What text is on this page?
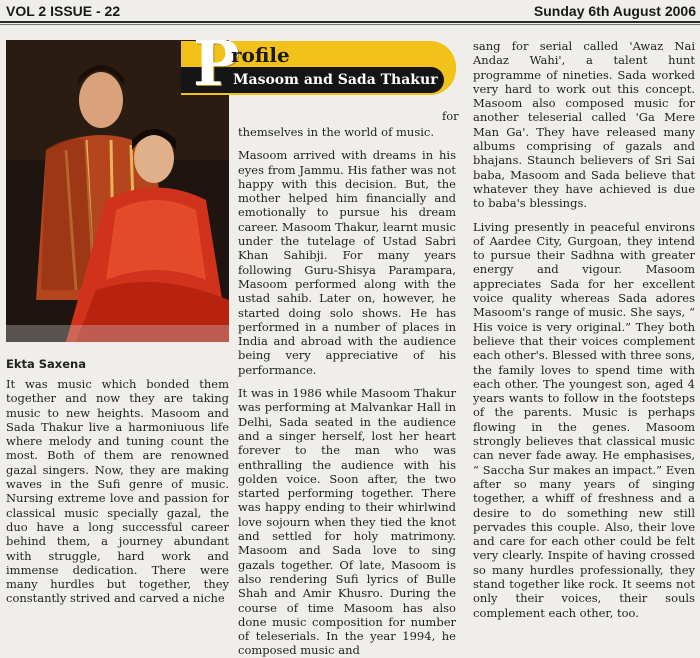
VOL 2 ISSUE - 22	Sunday 6th August 2006
P
rofile
Masoom and Sada Thakur
Ekta Saxena

It was music which bonded them together and now they are taking music to new heights. Masoom and Sada Thakur live a harmoniuous life where melody and tuning count the most. Both of them are renowned gazal singers. Now, they are making waves in the Sufi genre of music. Nursing extreme love and passion for classical music specially gazal, the duo have a long successful career behind them, a journey abundant with struggle, hard work and immense dedication. There were many hurdles but together, they constantly strived and carved a niche

for

themselves in the world of music.

Masoom arrived with dreams in his eyes from Jammu. His father was not happy with this decision. But, the mother helped him financially and emotionally to pursue his dream career. Masoom Thakur, learnt music under the tutelage of Ustad Sabri Khan Sahibji. For many years following Guru-Shisya Parampara, Masoom performed along with the ustad sahib. Later on, however, he started doing solo shows. He has performed in a number of places in India and abroad with the audience being very appreciative of his performance.

It was in 1986 while Masoom Thakur was performing at Malvankar Hall in Delhi, Sada seated in the audience and a singer herself, lost her heart forever to the man who was enthralling the audience with his golden voice. Soon after, the two started performing together. There was happy ending to their whirlwind love sojourn when they tied the knot and settled for holy matrimony. Masoom and Sada love to sing gazals together. Of late, Masoom is also rendering Sufi lyrics of Bulle Shah and Amir Khusro. During the course of time Masoom has also done music composition for number of teleserials. In the year 1994, he composed music and

sang for serial called 'Awaz Nai Andaz Wahi', a talent hunt programme of nineties. Sada worked very hard to work out this concept. Masoom also composed music for another teleserial called 'Ga Mere Man Ga'. They have released many albums comprising of gazals and bhajans. Staunch believers of Sri Sai baba, Masoom and Sada believe that whatever they have achieved is due to baba's blessings.

Living presently in peaceful environs of Aardee City, Gurgoan, they intend to pursue their Sadhna with greater energy and vigour. Masoom appreciates Sada for her excellent voice quality whereas Sada adores Masoom's range of music. She says, “ His voice is very original.” They both believe that their voices complement each other's. Blessed with three sons, the family loves to spend time with each other. The youngest son, aged 4 years wants to follow in the footsteps of the parents. Music is perhaps flowing in the genes. Masoom strongly believes that classical music can never fade away. He emphasises, “ Saccha Sur makes an impact.” Even after so many years of singing together, a whiff of freshness and a desire to do something new still pervades this couple. Also, their love and care for each other could be felt very clearly. Inspite of having crossed so many hurdles professionally, they stand together like rock. It seems not only their voices, their souls complement each other, too.
